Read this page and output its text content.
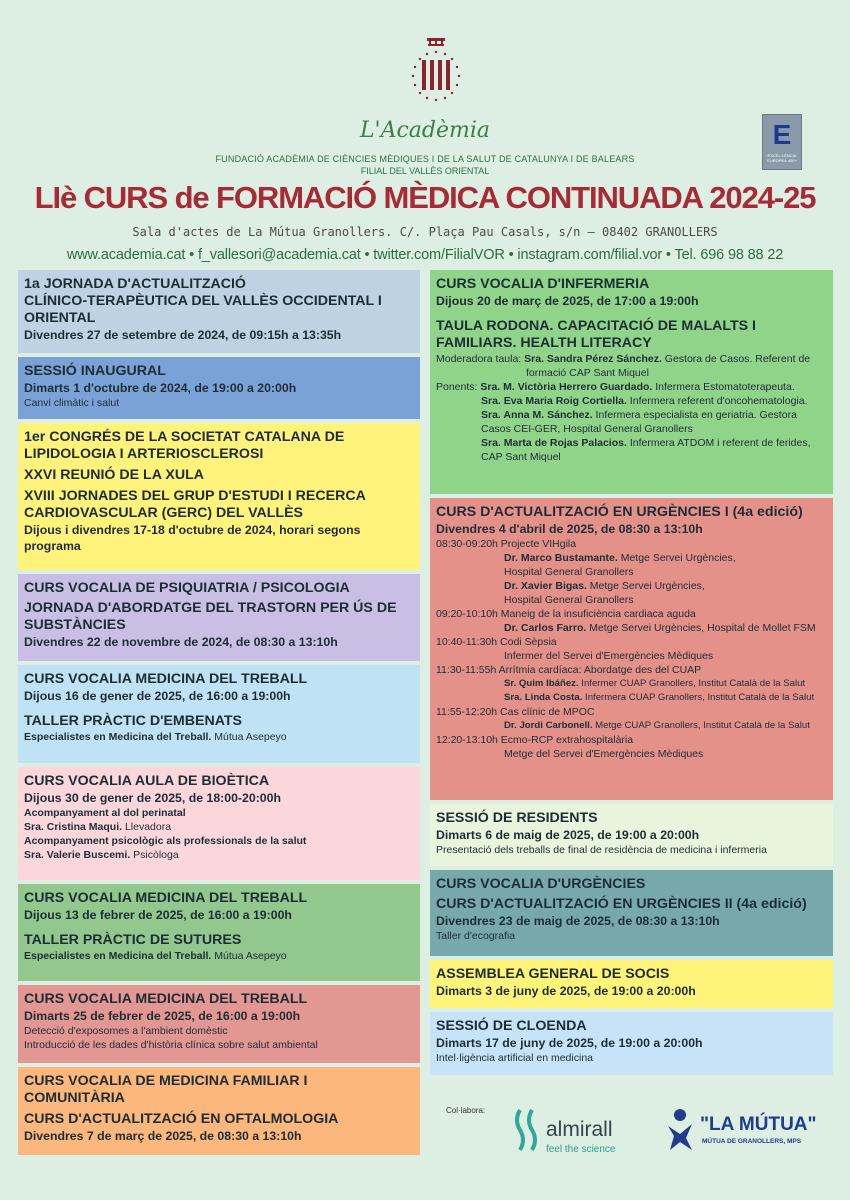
L'Acadèmia
FUNDACIÓ ACADÈMIA DE CIÈNCIES MÈDIQUES I DE LA SALUT DE CATALUNYA I DE BALEARS
FILIAL DEL VALLÈS ORIENTAL
E
EXCEL·LÈNCIA EUROPEA 400+
LIè CURS de FORMACIÓ MÈDICA CONTINUADA 2024-25
Sala d'actes de La Mútua Granollers. C/. Plaça Pau Casals, s/n – 08402 GRANOLLERS
www.academia.cat • f_vallesori@academia.cat • twitter.com/FilialVOR • instagram.com/filial.vor • Tel. 696 98 88 22
1a JORNADA D'ACTUALITZACIÓ
CLÍNICO-TERAPÈUTICA DEL VALLÈS OCCIDENTAL I
ORIENTAL
Divendres 27 de setembre de 2024, de 09:15h a 13:35h
SESSIÓ INAUGURAL
Dimarts 1 d'octubre de 2024, de 19:00 a 20:00h
Canvi climàtic i salut
1er CONGRÉS DE LA SOCIETAT CATALANA DE
LIPIDOLOGIA I ARTERIOSCLEROSI
XXVI REUNIÓ DE LA XULA
XVIII JORNADES DEL GRUP D'ESTUDI I RECERCA
CARDIOVASCULAR (GERC) DEL VALLÈS
Dijous i divendres 17-18 d'octubre de 2024, horari segons
programa
CURS VOCALIA DE PSIQUIATRIA / PSICOLOGIA
JORNADA D'ABORDATGE DEL TRASTORN PER ÚS DE
SUBSTÀNCIES
Divendres 22 de novembre de 2024, de 08:30 a 13:10h
CURS VOCALIA MEDICINA DEL TREBALL
Dijous 16 de gener de 2025, de 16:00 a 19:00h
TALLER PRÀCTIC D'EMBENATS
Especialistes en Medicina del Treball. Mútua Asepeyo
CURS VOCALIA AULA DE BIOÈTICA
Dijous 30 de gener de 2025, de 18:00-20:00h
Acompanyament al dol perinatal
Sra. Cristina Maqui. Llevadora
Acompanyament psicològic als professionals de la salut
Sra. Valerie Buscemi. Psicòloga
CURS VOCALIA MEDICINA DEL TREBALL
Dijous 13 de febrer de 2025, de 16:00 a 19:00h
TALLER PRÀCTIC DE SUTURES
Especialistes en Medicina del Treball. Mútua Asepeyo
CURS VOCALIA MEDICINA DEL TREBALL
Dimarts 25 de febrer de 2025, de 16:00 a 19:00h
Detecció d'exposomes a l'ambient domèstic
Introducció de les dades d'història clínica sobre salut ambiental
CURS VOCALIA DE MEDICINA FAMILIAR I
COMUNITÀRIA
CURS D'ACTUALITZACIÓ EN OFTALMOLOGIA
Divendres 7 de març de 2025, de 08:30 a 13:10h
CURS VOCALIA D'INFERMERIA
Dijous 20 de març de 2025, de 17:00 a 19:00h
TAULA RODONA. CAPACITACIÓ DE MALALTS I
FAMILIARS. HEALTH LITERACY
Moderadora taula: Sra. Sandra Pérez Sánchez. Gestora de Casos. Referent de formació CAP Sant Miquel
Ponents: Sra. M. Victòria Herrero Guardado. Infermera Estomatoterapeuta.
Sra. Eva Maria Roig Cortiella. Infermera referent d'oncohematologia.
Sra. Anna M. Sánchez. Infermera especialista en geriatria. Gestora Casos CEI-GER, Hospital General Granollers
Sra. Marta de Rojas Palacios. Infermera ATDOM i referent de ferides, CAP Sant Miquel
CURS D'ACTUALITZACIÓ EN URGÈNCIES I (4a edició)
Divendres 4 d'abril de 2025, de 08:30 a 13:10h
08:30-09:20h Projecte VIHgila
Dr. Marco Bustamante. Metge Servei Urgències,
Hospital General Granollers
Dr. Xavier Bigas. Metge Servei Urgències,
Hospital General Granollers
09:20-10:10h Maneig de la insuficiència cardiaca aguda
Dr. Carlos Farro. Metge Servei Urgències, Hospital de Mollet FSM
10:40-11:30h Codi Sèpsia
Infermer del Servei d'Emergències Mèdiques
11:30-11:55h Arrítmia cardíaca: Abordatge des del CUAP
Sr. Quim Ibáñez. Infermer CUAP Granollers, Institut Català de la Salut
Sra. Linda Costa. Infermera CUAP Granollers, Institut Català de la Salut
11:55-12:20h Cas clínic de MPOC
Dr. Jordi Carbonell. Metge CUAP Granollers, Institut Català de la Salut
12:20-13:10h Ecmo-RCP extrahospitalària
Metge del Servei d'Emergències Mèdiques
SESSIÓ DE RESIDENTS
Dimarts 6 de maig de 2025, de 19:00 a 20:00h
Presentació dels treballs de final de residència de medicina i infermeria
CURS VOCALIA D'URGÈNCIES
CURS D'ACTUALITZACIÓ EN URGÈNCIES II (4a edició)
Divendres 23 de maig de 2025, de 08:30 a 13:10h
Taller d'ecografia
ASSEMBLEA GENERAL DE SOCIS
Dimarts 3 de juny de 2025, de 19:00 a 20:00h
SESSIÓ DE CLOENDA
Dimarts 17 de juny de 2025, de 19:00 a 20:00h
Intel·ligència artificial en medicina
Col·labora:
almirall
feel the science
"LA MÚTUA"
MÚTUA DE GRANOLLERS, MPS
